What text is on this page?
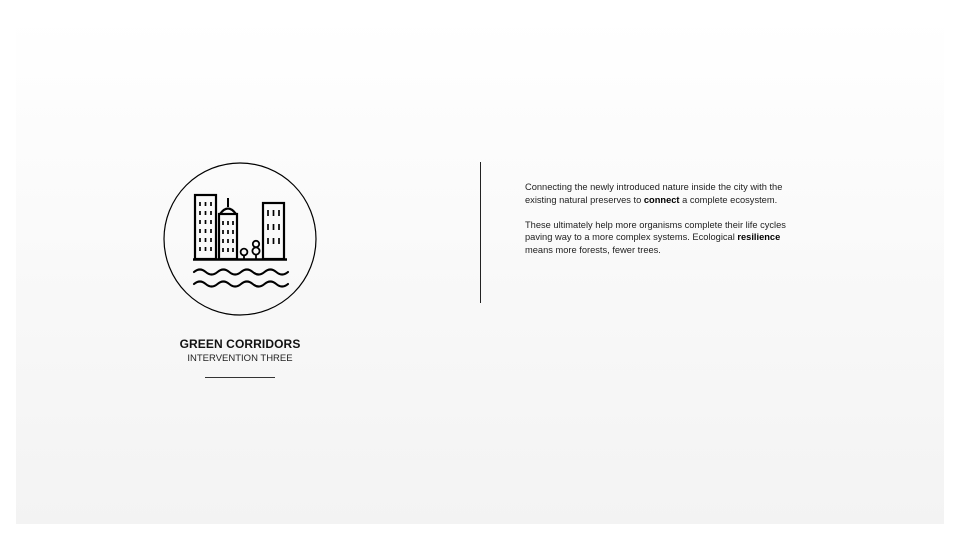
GREEN CORRIDORS
INTERVENTION THREE

Connecting the newly introduced nature inside the city with the existing natural preserves to connect a complete ecosystem.

These ultimately help more organisms complete their life cycles paving way to a more complex systems. Ecological resilience means more forests, fewer trees.
